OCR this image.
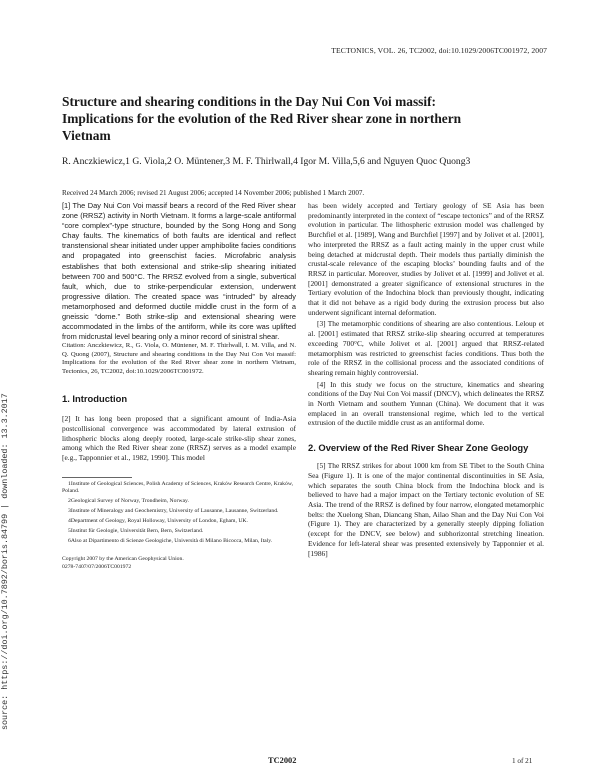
source: https://doi.org/10.7892/boris.84799 | downloaded: 13.3.2017
TECTONICS, VOL. 26, TC2002, doi:10.1029/2006TC001972, 2007
Structure and shearing conditions in the Day Nui Con Voi massif: Implications for the evolution of the Red River shear zone in northern Vietnam
R. Anczkiewicz,1 G. Viola,2 O. Müntener,3 M. F. Thirlwall,4 Igor M. Villa,5,6 and Nguyen Quoc Quong3
Received 24 March 2006; revised 21 August 2006; accepted 14 November 2006; published 1 March 2007.

[1] The Day Nui Con Voi massif bears a record of the Red River shear zone (RRSZ) activity in North Vietnam. It forms a large-scale antiformal “core complex”-type structure, bounded by the Song Hong and Song Chay faults. The kinematics of both faults are identical and reflect transtensional shear initiated under upper amphibolite facies conditions and propagated into greenschist facies. Microfabric analysis establishes that both extensional and strike-slip shearing initiated between 700 and 500°C. The RRSZ evolved from a single, subvertical fault, which, due to strike-perpendicular extension, underwent progressive dilation. The created space was “intruded” by already metamorphosed and deformed ductile middle crust in the form of a gneissic “dome.” Both strike-slip and extensional shearing were accommodated in the limbs of the antiform, while its core was uplifted from midcrustal level bearing only a minor record of sinistral shear.

Citation: Anczkiewicz, R., G. Viola, O. Müntener, M. F. Thirlwall, I. M. Villa, and N. Q. Quong (2007), Structure and shearing conditions in the Day Nui Con Voi massif: Implications for the evolution of the Red River shear zone in northern Vietnam, Tectonics, 26, TC2002, doi:10.1029/2006TC001972.

1. Introduction

[2] It has long been proposed that a significant amount of India-Asia postcollisional convergence was accommodated by lateral extrusion of lithospheric blocks along deeply rooted, large-scale strike-slip shear zones, among which the Red River shear zone (RRSZ) serves as a model example [e.g., Tapponnier et al., 1982, 1990]. This model

1Institute of Geological Sciences, Polish Academy of Sciences, Kraków Research Centre, Kraków, Poland.

2Geological Survey of Norway, Trondheim, Norway.

3Institute of Mineralogy and Geochemistry, University of Lausanne, Lausanne, Switzerland.

4Department of Geology, Royal Holloway, University of London, Egham, UK.

5Institut für Geologie, Universität Bern, Bern, Switzerland.

6Also at Dipartimento di Scienze Geologiche, Università di Milano Bicocca, Milan, Italy.

Copyright 2007 by the American Geophysical Union.

0278-7407/07/2006TC001972

has been widely accepted and Tertiary geology of SE Asia has been predominantly interpreted in the context of “escape tectonics” and of the RRSZ evolution in particular. The lithospheric extrusion model was challenged by Burchfiel et al. [1989], Wang and Burchfiel [1997] and by Jolivet et al. [2001], who interpreted the RRSZ as a fault acting mainly in the upper crust while being detached at midcrustal depth. Their models thus partially diminish the crustal-scale relevance of the escaping blocks’ bounding faults and of the RRSZ in particular. Moreover, studies by Jolivet et al. [1999] and Jolivet et al. [2001] demonstrated a greater significance of extensional structures in the Tertiary evolution of the Indochina block than previously thought, indicating that it did not behave as a rigid body during the extrusion process but also underwent significant internal deformation.

[3] The metamorphic conditions of shearing are also contentious. Leloup et al. [2001] estimated that RRSZ strike-slip shearing occurred at temperatures exceeding 700°C, while Jolivet et al. [2001] argued that RRSZ-related metamorphism was restricted to greenschist facies conditions. Thus both the role of the RRSZ in the collisional process and the associated conditions of shearing remain highly controversial.

[4] In this study we focus on the structure, kinematics and shearing conditions of the Day Nui Con Voi massif (DNCV), which delineates the RRSZ in North Vietnam and southern Yunnan (China). We document that it was emplaced in an overall transtensional regime, which led to the vertical extrusion of the ductile middle crust as an antiformal dome.

2. Overview of the Red River Shear Zone Geology

[5] The RRSZ strikes for about 1000 km from SE Tibet to the South China Sea (Figure 1). It is one of the major continental discontinuities in SE Asia, which separates the south China block from the Indochina block and is believed to have had a major impact on the Tertiary tectonic evolution of SE Asia. The trend of the RRSZ is defined by four narrow, elongated metamorphic belts: the Xuelong Shan, Diancang Shan, Ailao Shan and the Day Nui Con Voi (Figure 1). They are characterized by a generally steeply dipping foliation (except for the DNCV, see below) and subhorizontal stretching lineation. Evidence for left-lateral shear was presented extensively by Tapponnier et al. [1986]

TC2002	1 of 21
